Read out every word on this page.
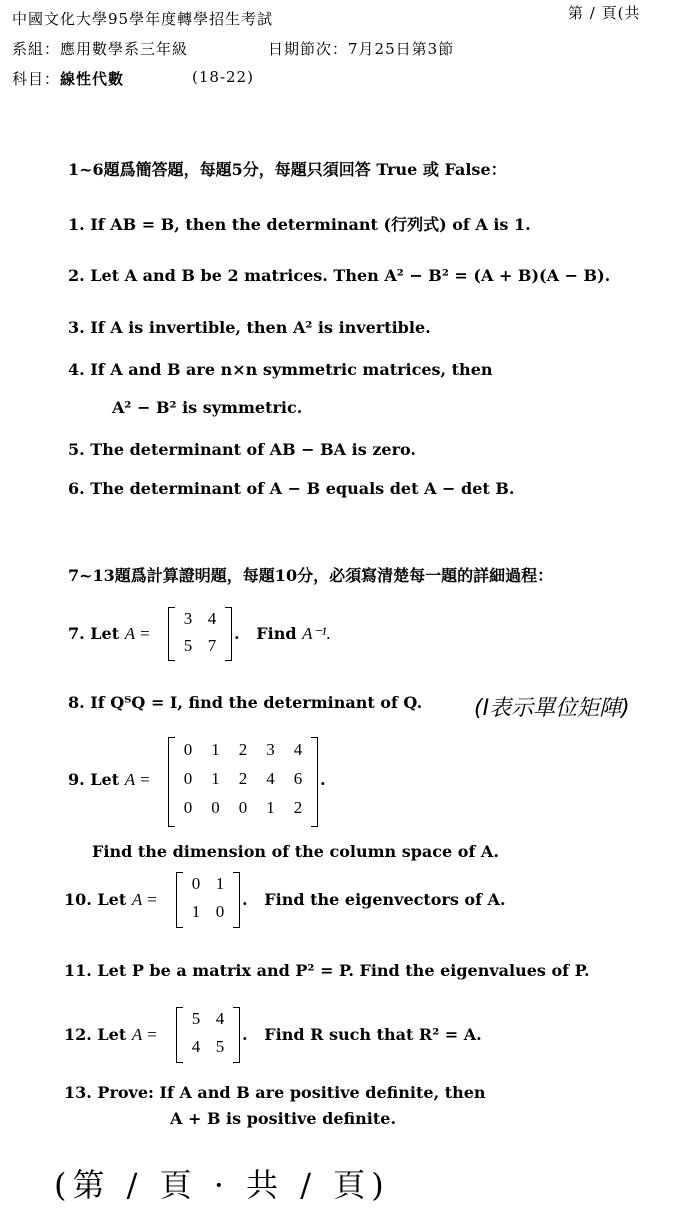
中國文化大學95學年度轉學招生考試	第 / 頁(共
系組：應用數學系三年級	日期節次：7月25日第3節
科目：線性代數	(18-22)
1~6題爲簡答題，每題5分，每題只須回答 True 或 False：
1. If AB = B, then the determinant (行列式) of A is 1.
2. Let A and B be 2 matrices. Then A² − B² = (A + B)(A − B).
3. If A is invertible, then A² is invertible.
4. If A and B are n×n symmetric matrices, then
A² − B² is symmetric.
5. The determinant of AB − BA is zero.
6. The determinant of A − B equals det A − det B.
7~13題爲計算證明題，每題10分，必須寫清楚每一題的詳細過程：
7. Let A =
3 4
5 7
.   Find A⁻¹.
8. If QᵀQ = I, find the determinant of Q. (I表示單位矩陣)
9. Let A =
0	1	2	3	4
0	1	2	4	6
0	0	0	1	2
.
Find the dimension of the column space of A.
10. Let A =
0 1
1 0
.   Find the eigenvectors of A.
11. Let P be a matrix and P² = P. Find the eigenvalues of P.
12. Let A =
5 4
4 5
.   Find R such that R² = A.
13. Prove: If A and B are positive definite, then
A + B is positive definite.
(第 / 頁 · 共 / 頁)
